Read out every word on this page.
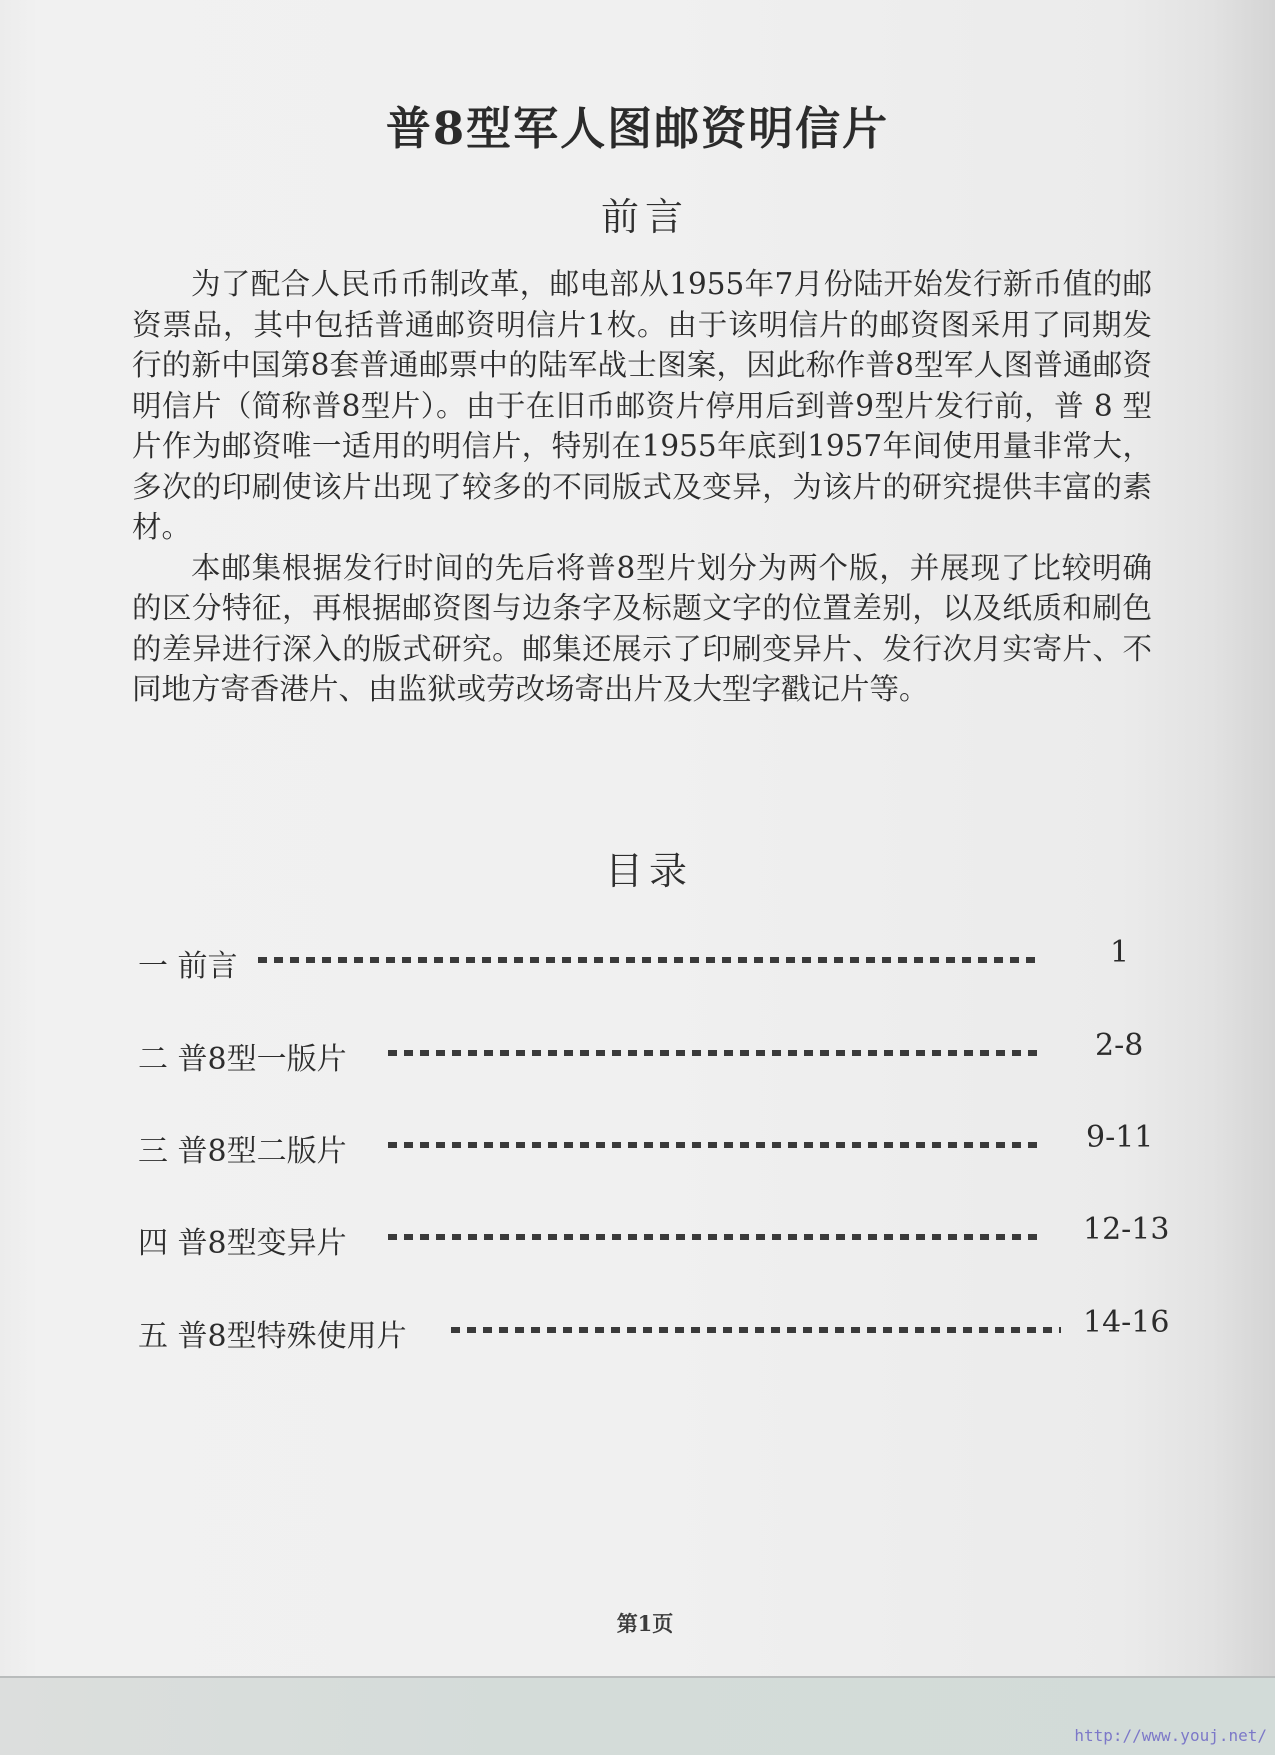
普8型军人图邮资明信片
前言

为了配合人民币币制改革，邮电部从1955年7月份陆开始发行新币值的邮资票品，其中包括普通邮资明信片1枚。由于该明信片的邮资图采用了同期发行的新中国第8套普通邮票中的陆军战士图案，因此称作普8型军人图普通邮资明信片（简称普8型片）。由于在旧币邮资片停用后到普9型片发行前，普 8 型片作为邮资唯一适用的明信片，特别在1955年底到1957年间使用量非常大，多次的印刷使该片出现了较多的不同版式及变异，为该片的研究提供丰富的素材。

本邮集根据发行时间的先后将普8型片划分为两个版，并展现了比较明确的区分特征，再根据邮资图与边条字及标题文字的位置差别，以及纸质和刷色的差异进行深入的版式研究。邮集还展示了印刷变异片、发行次月实寄片、不同地方寄香港片、由监狱或劳改场寄出片及大型字戳记片等。

目录
一 前言	1
二 普8型一版片	2-8
三 普8型二版片	9-11
四 普8型变异片	12-13
五 普8型特殊使用片	14-16
第1页
http://www.youj.net/
